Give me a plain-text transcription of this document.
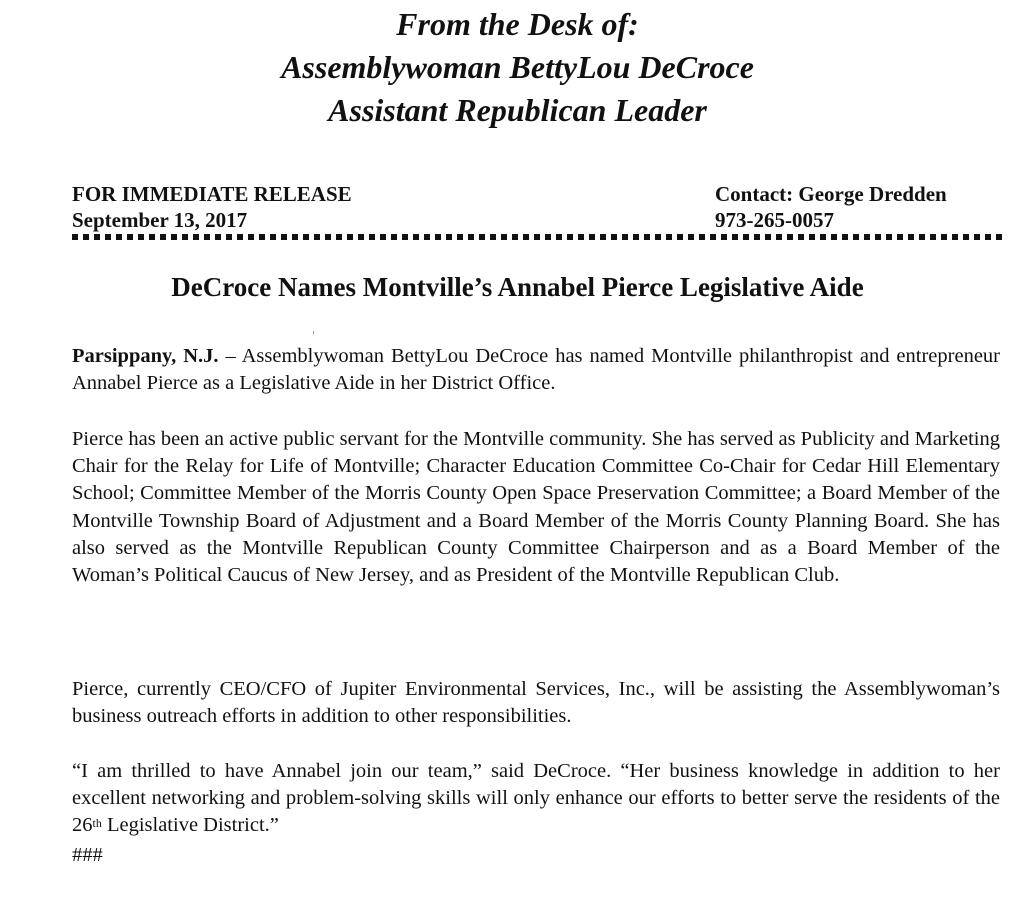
From the Desk of:
Assemblywoman BettyLou DeCroce
Assistant Republican Leader
FOR IMMEDIATE RELEASE
September 13, 2017
Contact: George Dredden
973-265-0057
DeCroce Names Montville’s Annabel Pierce Legislative Aide
Parsippany, N.J. – Assemblywoman BettyLou DeCroce has named Montville philanthropist and entrepreneur Annabel Pierce as a Legislative Aide in her District Office.
Pierce has been an active public servant for the Montville community. She has served as Publicity and Marketing Chair for the Relay for Life of Montville; Character Education Committee Co-Chair for Cedar Hill Elementary School; Committee Member of the Morris County Open Space Preservation Committee; a Board Member of the Montville Township Board of Adjustment and a Board Member of the Morris County Planning Board. She has also served as the Montville Republican County Committee Chairperson and as a Board Member of the Woman’s Political Caucus of New Jersey, and as President of the Montville Republican Club.
Pierce, currently CEO/CFO of Jupiter Environmental Services, Inc., will be assisting the Assemblywoman’s business outreach efforts in addition to other responsibilities.
“I am thrilled to have Annabel join our team,” said DeCroce. “Her business knowledge in addition to her excellent networking and problem-solving skills will only enhance our efforts to better serve the residents of the 26th Legislative District.”
###
